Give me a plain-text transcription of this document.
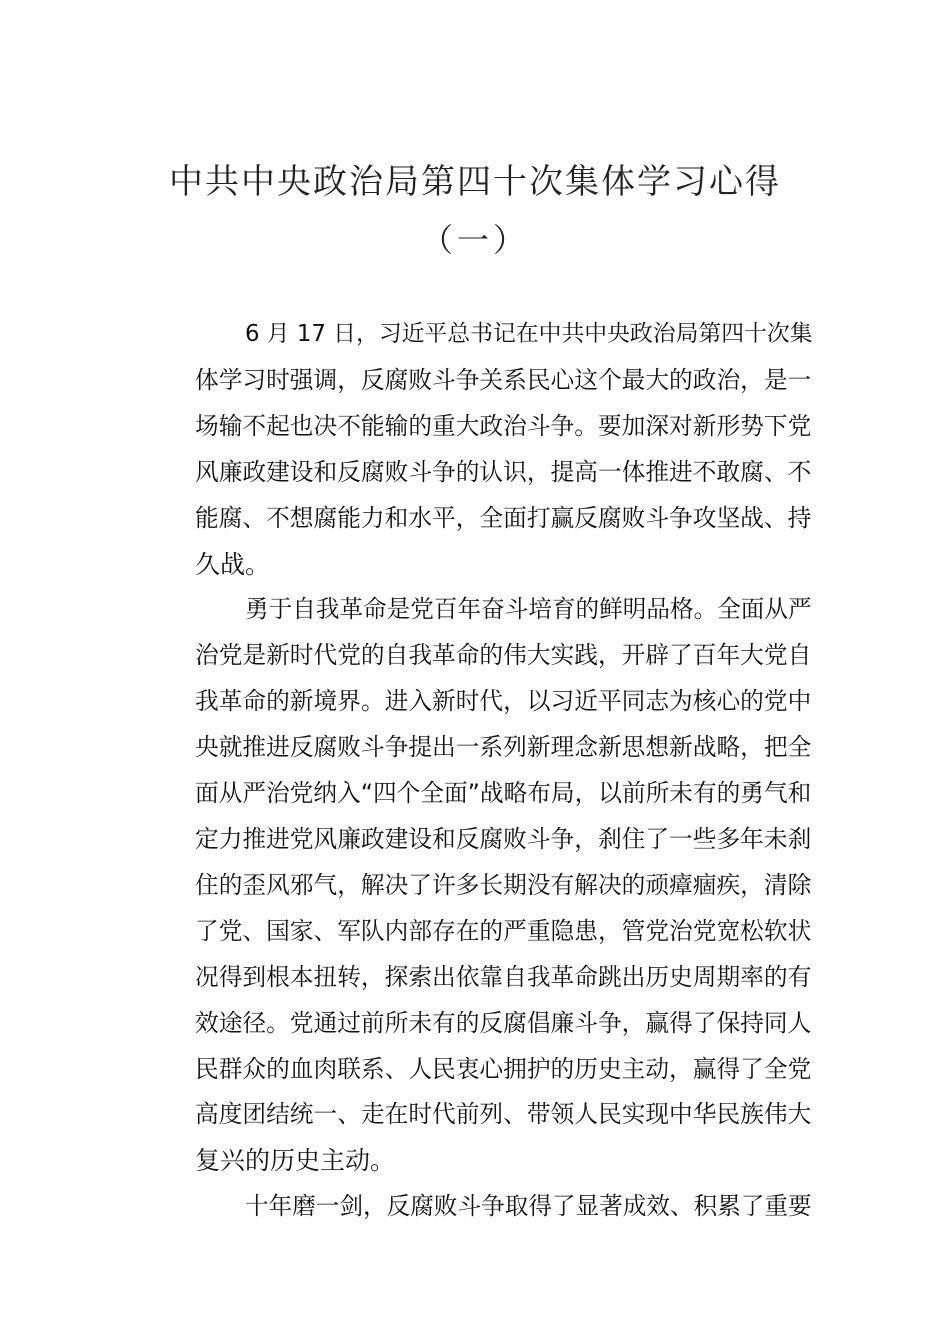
中共中央政治局第四十次集体学习心得
（一）
6 月 17 日，习近平总书记在中共中央政治局第四十次集
体学习时强调，反腐败斗争关系民心这个最大的政治，是一
场输不起也决不能输的重大政治斗争。要加深对新形势下党
风廉政建设和反腐败斗争的认识，提高一体推进不敢腐、不
能腐、不想腐能力和水平，全面打赢反腐败斗争攻坚战、持
久战。
勇于自我革命是党百年奋斗培育的鲜明品格。全面从严
治党是新时代党的自我革命的伟大实践，开辟了百年大党自
我革命的新境界。进入新时代，以习近平同志为核心的党中
央就推进反腐败斗争提出一系列新理念新思想新战略，把全
面从严治党纳入“四个全面”战略布局，以前所未有的勇气和
定力推进党风廉政建设和反腐败斗争，刹住了一些多年未刹
住的歪风邪气，解决了许多长期没有解决的顽瘴痼疾，清除
了党、国家、军队内部存在的严重隐患，管党治党宽松软状
况得到根本扭转，探索出依靠自我革命跳出历史周期率的有
效途径。党通过前所未有的反腐倡廉斗争，赢得了保持同人
民群众的血肉联系、人民衷心拥护的历史主动，赢得了全党
高度团结统一、走在时代前列、带领人民实现中华民族伟大
复兴的历史主动。
十年磨一剑，反腐败斗争取得了显著成效、积累了重要
